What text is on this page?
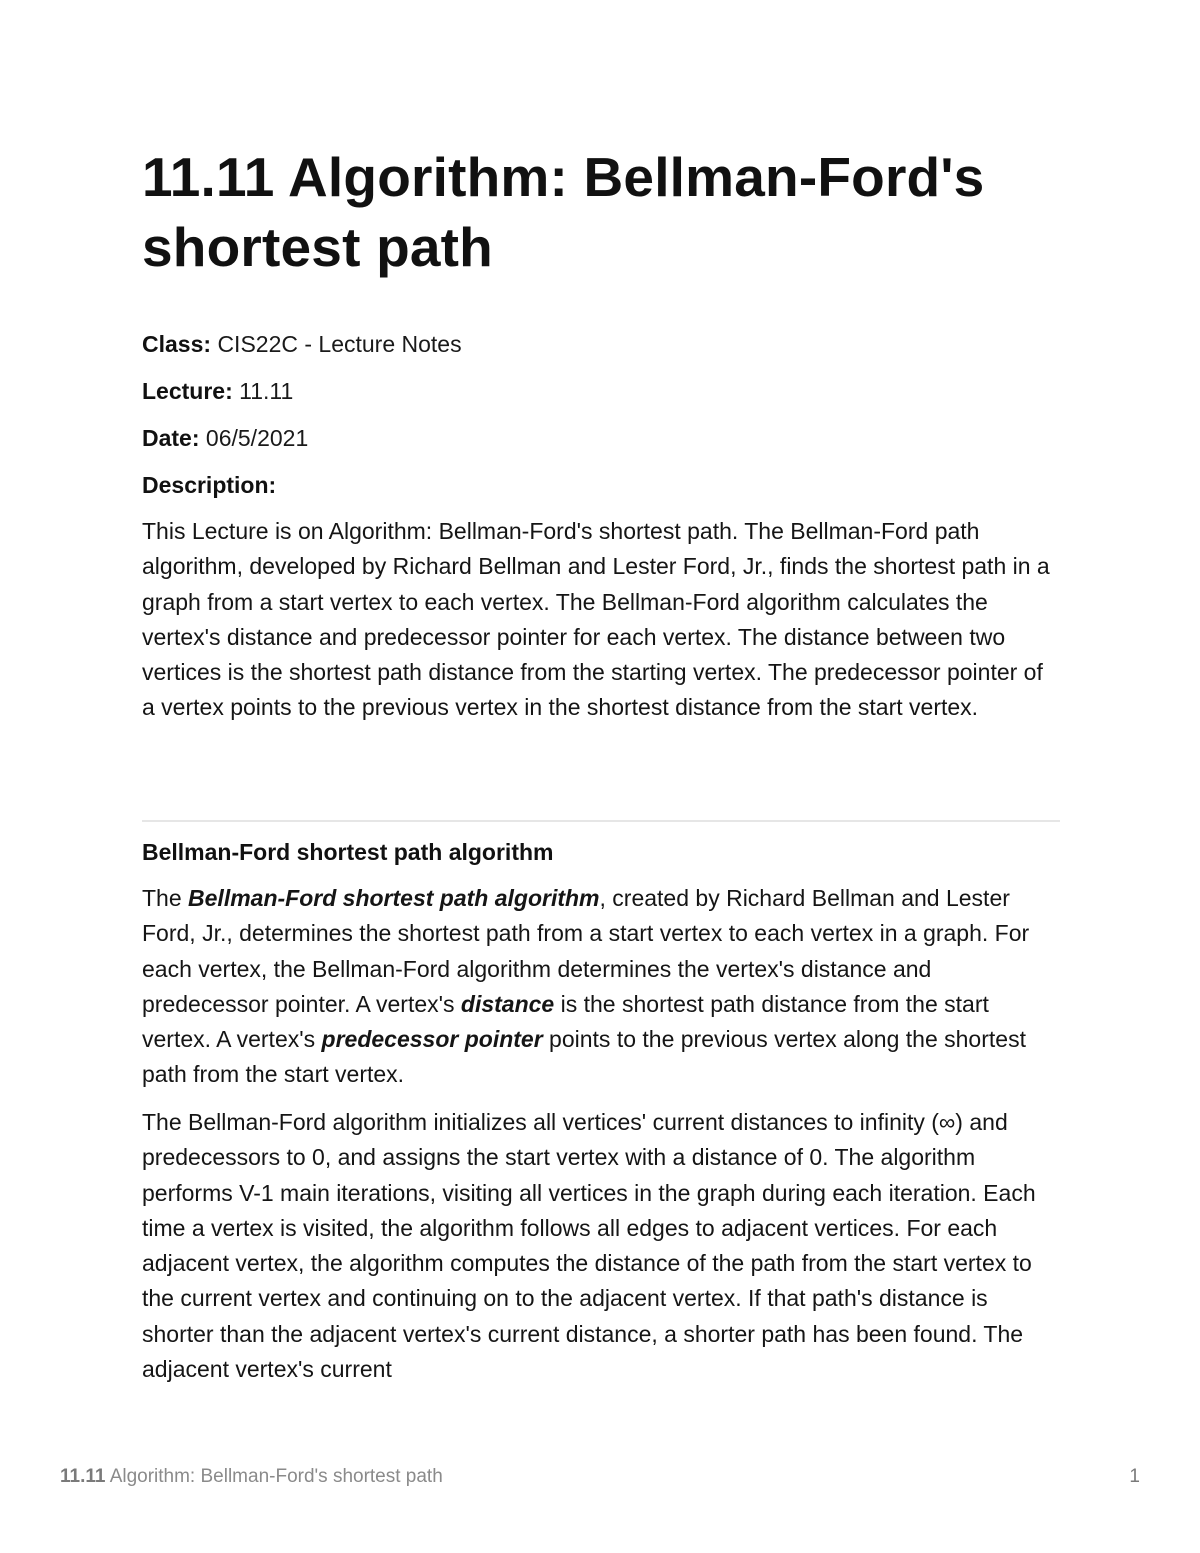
11.11 Algorithm: Bellman-Ford's shortest path

Class: CIS22C - Lecture Notes

Lecture: 11.11

Date: 06/5/2021

Description:

This Lecture is on Algorithm: Bellman-Ford's shortest path. The Bellman-Ford path algorithm, developed by Richard Bellman and Lester Ford, Jr., finds the shortest path in a graph from a start vertex to each vertex. The Bellman-Ford algorithm calculates the vertex's distance and predecessor pointer for each vertex. The distance between two vertices is the shortest path distance from the starting vertex. The predecessor pointer of a vertex points to the previous vertex in the shortest distance from the start vertex.

Bellman-Ford shortest path algorithm

The Bellman-Ford shortest path algorithm, created by Richard Bellman and Lester Ford, Jr., determines the shortest path from a start vertex to each vertex in a graph. For each vertex, the Bellman-Ford algorithm determines the vertex's distance and predecessor pointer. A vertex's distance is the shortest path distance from the start vertex. A vertex's predecessor pointer points to the previous vertex along the shortest path from the start vertex.

The Bellman-Ford algorithm initializes all vertices' current distances to infinity (∞) and predecessors to 0, and assigns the start vertex with a distance of 0. The algorithm performs V-1 main iterations, visiting all vertices in the graph during each iteration. Each time a vertex is visited, the algorithm follows all edges to adjacent vertices. For each adjacent vertex, the algorithm computes the distance of the path from the start vertex to the current vertex and continuing on to the adjacent vertex. If that path's distance is shorter than the adjacent vertex's current distance, a shorter path has been found. The adjacent vertex's current

11.11 Algorithm: Bellman-Ford's shortest path	1
